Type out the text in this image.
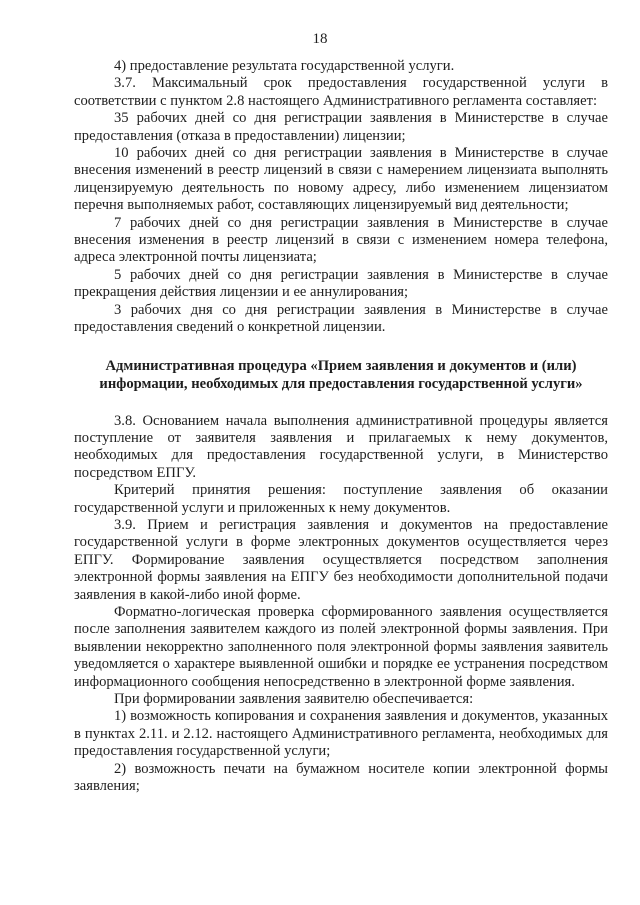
18

4) предоставление результата государственной услуги.

3.7. Максимальный срок предоставления государственной услуги в соответствии с пунктом 2.8 настоящего Административного регламента составляет:

35 рабочих дней со дня регистрации заявления в Министерстве в случае предоставления (отказа в предоставлении) лицензии;

10 рабочих дней со дня регистрации заявления в Министерстве в случае внесения изменений в реестр лицензий в связи с намерением лицензиата выполнять лицензируемую деятельность по новому адресу, либо изменением лицензиатом перечня выполняемых работ, составляющих лицензируемый вид деятельности;

7 рабочих дней со дня регистрации заявления в Министерстве в случае внесения изменения в реестр лицензий в связи с изменением номера телефона, адреса электронной почты лицензиата;

5 рабочих дней со дня регистрации заявления в Министерстве в случае прекращения действия лицензии и ее аннулирования;

3 рабочих дня со дня регистрации заявления в Министерстве в случае предоставления сведений о конкретной лицензии.

Административная процедура «Прием заявления и документов и (или)
информации, необходимых для предоставления государственной услуги»

3.8. Основанием начала выполнения административной процедуры является поступление от заявителя заявления и прилагаемых к нему документов, необходимых для предоставления государственной услуги, в Министерство посредством ЕПГУ.

Критерий принятия решения: поступление заявления об оказании государственной услуги и приложенных к нему документов.

3.9. Прием и регистрация заявления и документов на предоставление государственной услуги в форме электронных документов осуществляется через ЕПГУ. Формирование заявления осуществляется посредством заполнения электронной формы заявления на ЕПГУ без необходимости дополнительной подачи заявления в какой-либо иной форме.

Форматно-логическая проверка сформированного заявления осуществляется после заполнения заявителем каждого из полей электронной формы заявления. При выявлении некорректно заполненного поля электронной формы заявления заявитель уведомляется о характере выявленной ошибки и порядке ее устранения посредством информационного сообщения непосредственно в электронной форме заявления.

При формировании заявления заявителю обеспечивается:

1) возможность копирования и сохранения заявления и документов, указанных в пунктах 2.11. и 2.12. настоящего Административного регламента, необходимых для предоставления государственной услуги;

2) возможность печати на бумажном носителе копии электронной формы заявления;
